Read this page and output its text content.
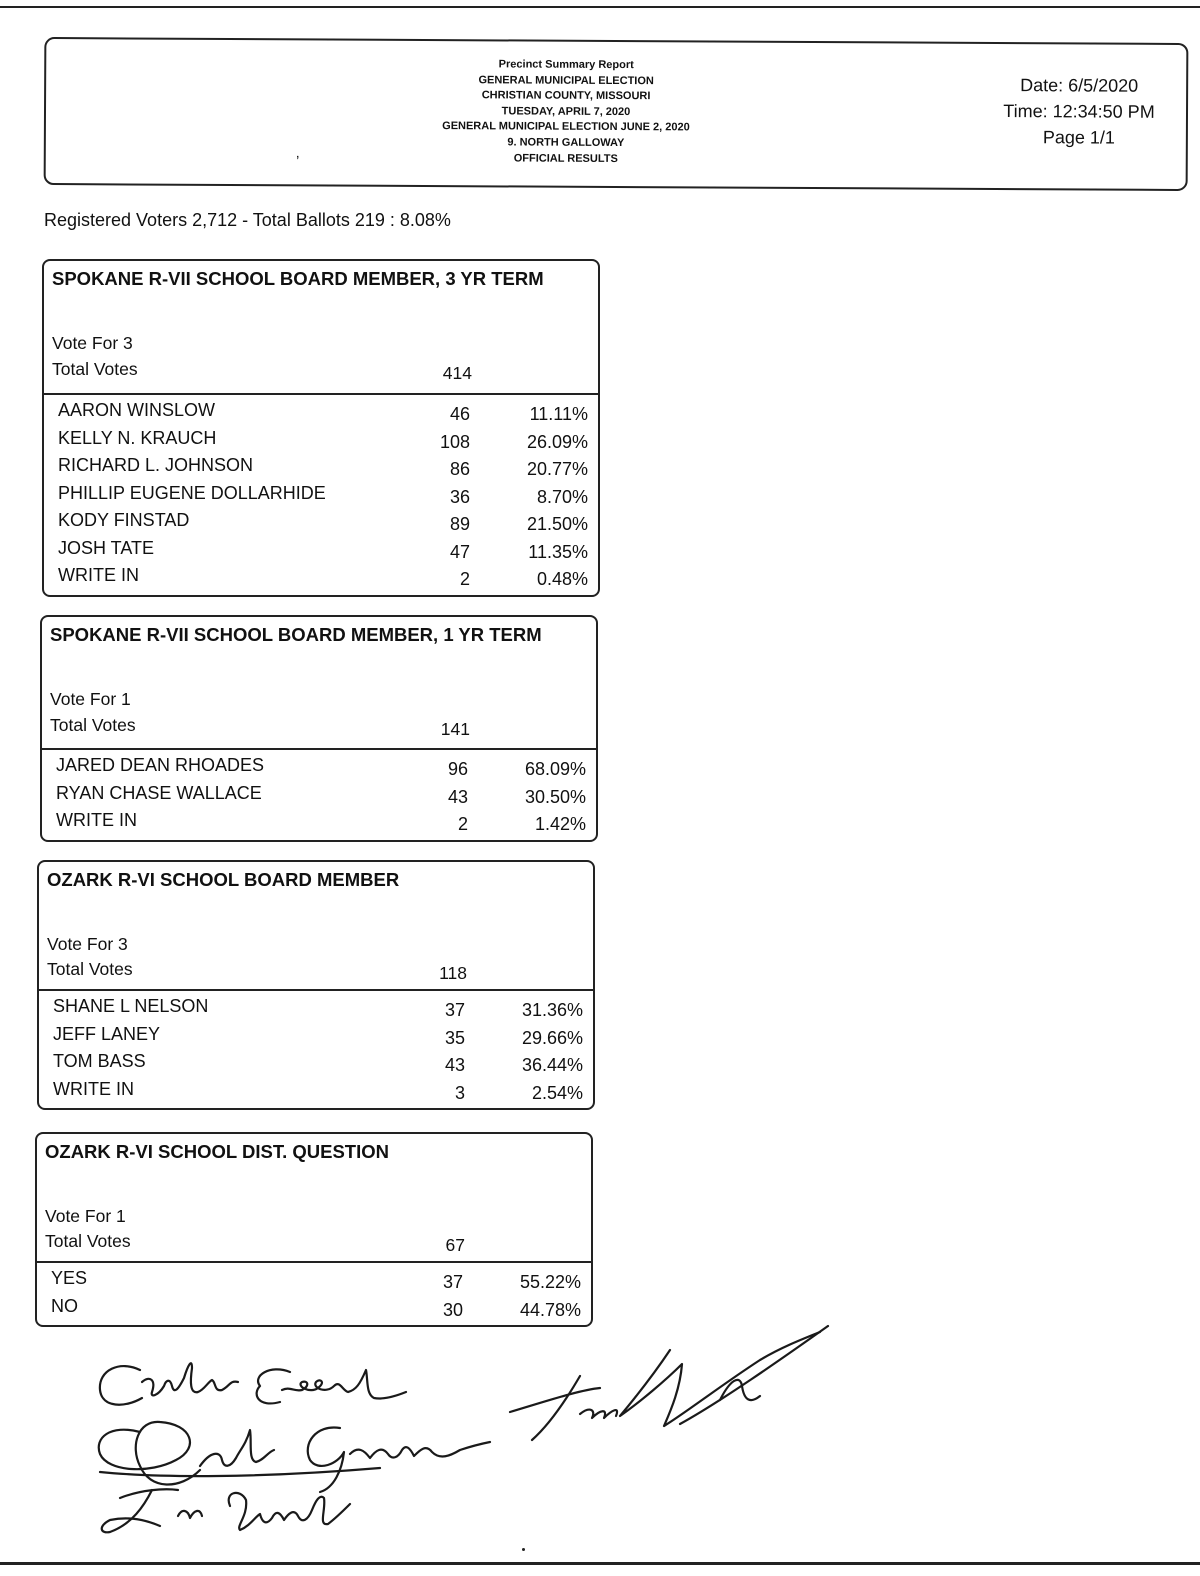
Precinct Summary Report
GENERAL MUNICIPAL ELECTION
CHRISTIAN COUNTY, MISSOURI
TUESDAY, APRIL 7, 2020
GENERAL MUNICIPAL ELECTION JUNE 2, 2020
9. NORTH GALLOWAY
OFFICIAL RESULTS
Date: 6/5/2020
Time: 12:34:50 PM
Page 1/1
,
Registered Voters 2,712 - Total Ballots 219 : 8.08%
SPOKANE R-VII SCHOOL BOARD MEMBER, 3 YR TERM
Vote For 3
Total Votes	414
AARON WINSLOW	46	11.11%
KELLY N. KRAUCH	108	26.09%
RICHARD L. JOHNSON	86	20.77%
PHILLIP EUGENE DOLLARHIDE	36	8.70%
KODY FINSTAD	89	21.50%
JOSH TATE	47	11.35%
WRITE IN	2	0.48%
SPOKANE R-VII SCHOOL BOARD MEMBER, 1 YR TERM
Vote For 1
Total Votes	141
JARED DEAN RHOADES	96	68.09%
RYAN CHASE WALLACE	43	30.50%
WRITE IN	2	1.42%
OZARK R-VI SCHOOL BOARD MEMBER
Vote For 3
Total Votes	118
SHANE L NELSON	37	31.36%
JEFF LANEY	35	29.66%
TOM BASS	43	36.44%
WRITE IN	3	2.54%
OZARK R-VI SCHOOL DIST. QUESTION
Vote For 1
Total Votes	67
YES	37	55.22%
NO	30	44.78%
